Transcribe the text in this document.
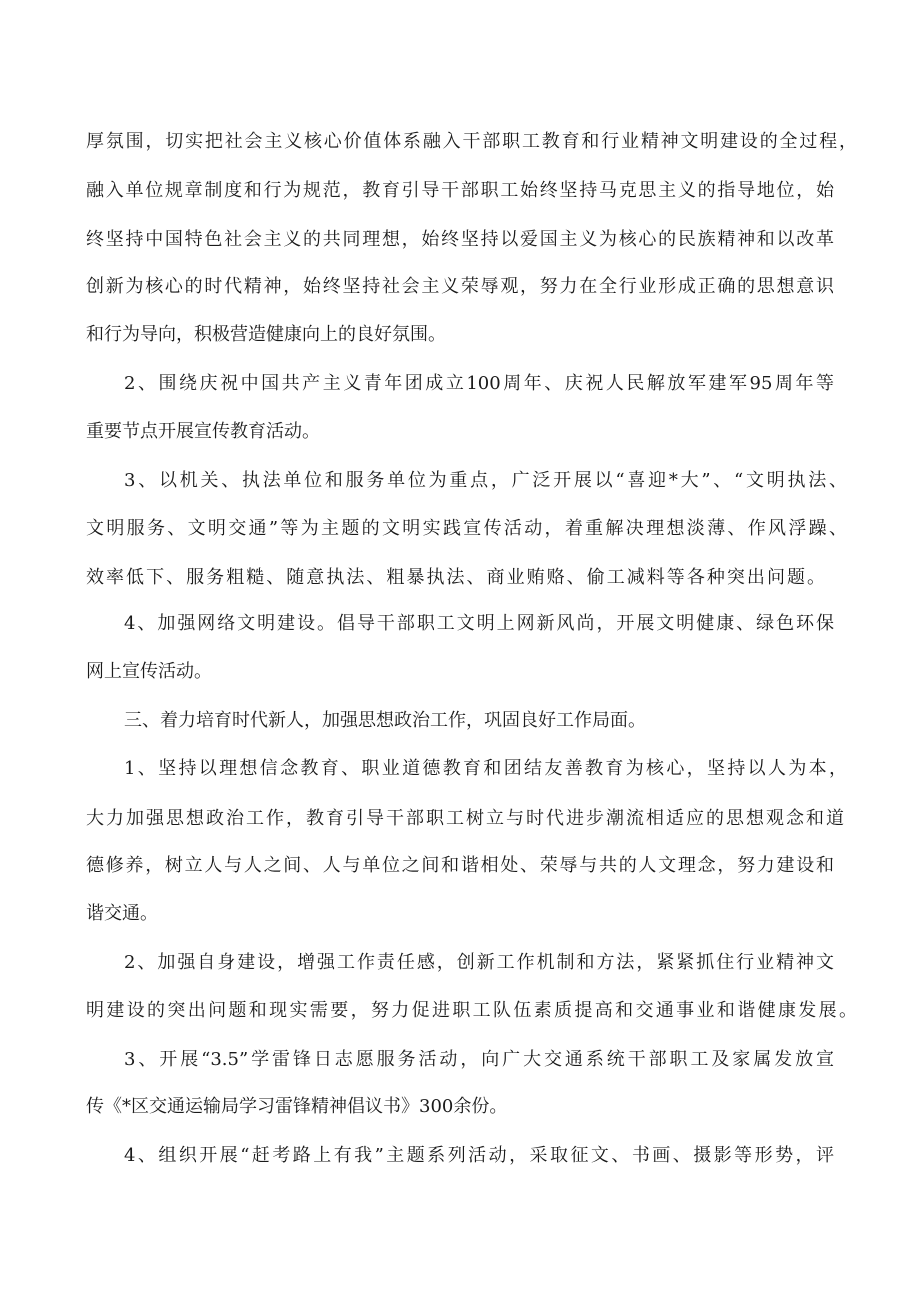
厚氛围，切实把社会主义核心价值体系融入干部职工教育和行业精神文明建设的全过程，

融入单位规章制度和行为规范，教育引导干部职工始终坚持马克思主义的指导地位，始

终坚持中国特色社会主义的共同理想，始终坚持以爱国主义为核心的民族精神和以改革

创新为核心的时代精神，始终坚持社会主义荣辱观，努力在全行业形成正确的思想意识

和行为导向，积极营造健康向上的良好氛围。

2、围绕庆祝中国共产主义青年团成立100周年、庆祝人民解放军建军95周年等

重要节点开展宣传教育活动。

3、以机关、执法单位和服务单位为重点，广泛开展以“喜迎*大”、“文明执法、

文明服务、文明交通”等为主题的文明实践宣传活动，着重解决理想淡薄、作风浮躁、

效率低下、服务粗糙、随意执法、粗暴执法、商业贿赂、偷工减料等各种突出问题。

4、加强网络文明建设。倡导干部职工文明上网新风尚，开展文明健康、绿色环保

网上宣传活动。

三、着力培育时代新人，加强思想政治工作，巩固良好工作局面。

1、坚持以理想信念教育、职业道德教育和团结友善教育为核心，坚持以人为本，

大力加强思想政治工作，教育引导干部职工树立与时代进步潮流相适应的思想观念和道

德修养，树立人与人之间、人与单位之间和谐相处、荣辱与共的人文理念，努力建设和

谐交通。

2、加强自身建设，增强工作责任感，创新工作机制和方法，紧紧抓住行业精神文

明建设的突出问题和现实需要，努力促进职工队伍素质提高和交通事业和谐健康发展。

3、开展“3.5”学雷锋日志愿服务活动，向广大交通系统干部职工及家属发放宣

传《*区交通运输局学习雷锋精神倡议书》300余份。

4、组织开展“赶考路上有我”主题系列活动，采取征文、书画、摄影等形势，评
